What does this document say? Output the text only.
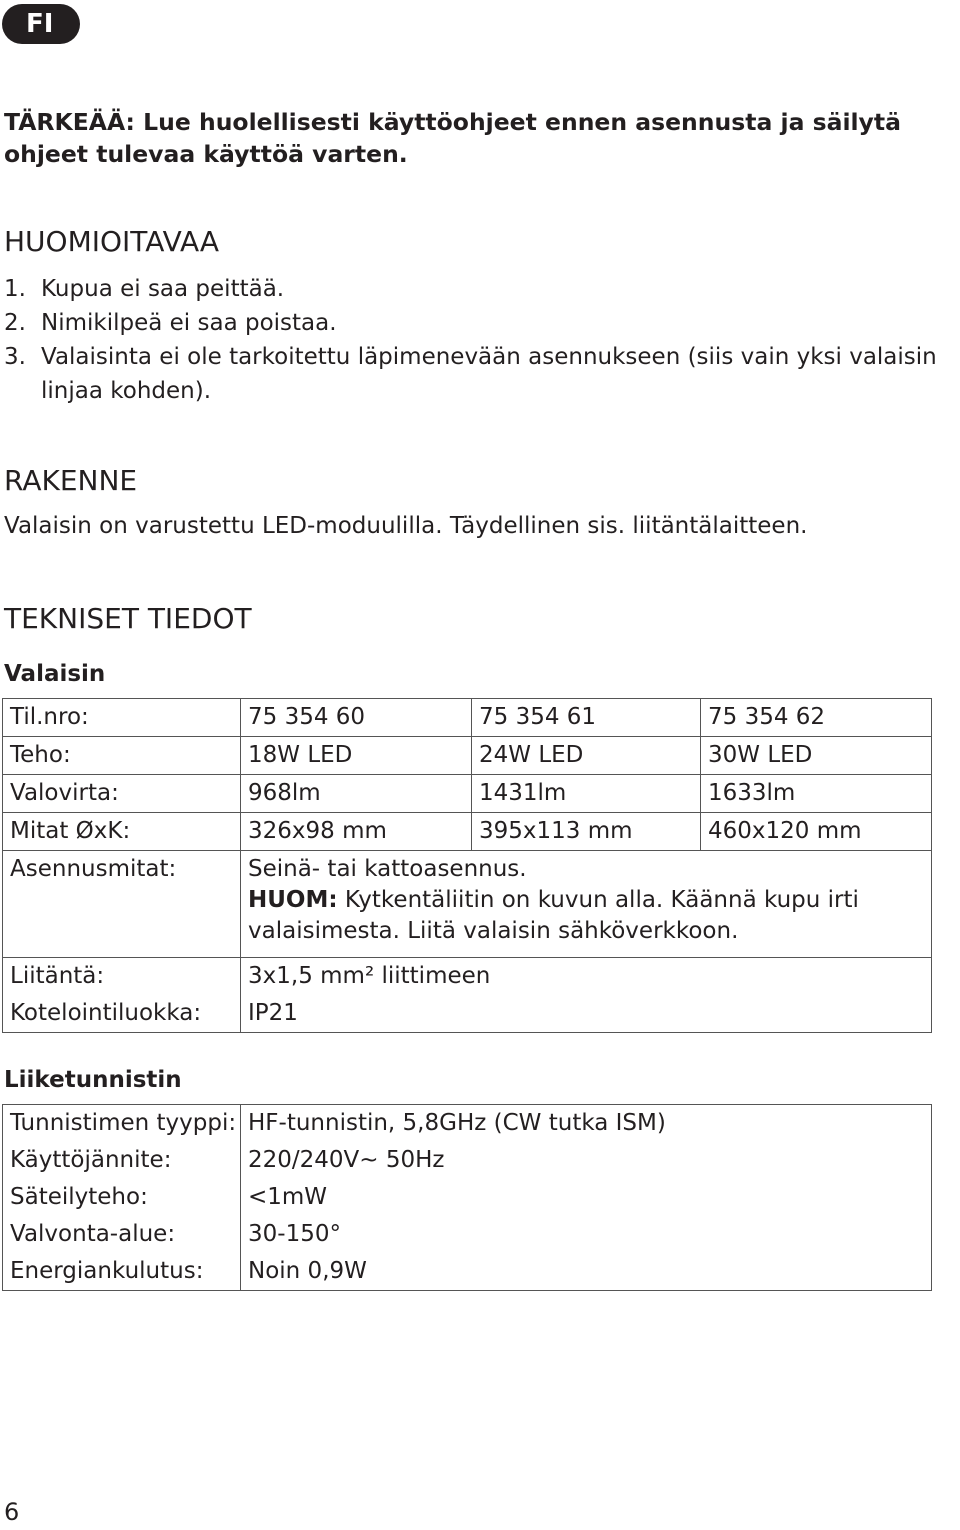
FI
TÄRKEÄÄ: Lue huolellisesti käyttöohjeet ennen asennusta ja säilytä ohjeet tulevaa käyttöä varten.
HUOMIOITAVAA
1. Kupua ei saa peittää.
2. Nimikilpeä ei saa poistaa.
3. Valaisinta ei ole tarkoitettu läpimenevään asennukseen (siis vain yksi valaisin linjaa kohden).
RAKENNE
Valaisin on varustettu LED-moduulilla. Täydellinen sis. liitäntälaitteen.
TEKNISET TIEDOT
Valaisin
Til.nro:	75 354 60	75 354 61	75 354 62
Teho:	18W LED	24W LED	30W LED
Valovirta:	968lm	1431lm	1633lm
Mitat ØxK:	326x98 mm	395x113 mm	460x120 mm
Asennusmitat:	Seinä- tai kattoasennus.
HUOM: Kytkentäliitin on kuvun alla. Käännä kupu irti valaisimesta. Liitä valaisin sähköverkkoon.		

Liitäntä:	3x1,5 mm² liittimeen		
Kotelointiluokka:	IP21		
Liiketunnistin
Tunnistimen tyyppi:	HF-tunnistin, 5,8GHz (CW tutka ISM)
Käyttöjännite:	220/240V~ 50Hz
Säteilyteho:	<1mW
Valvonta-alue:	30-150°
Energiankulutus:	Noin 0,9W
6
